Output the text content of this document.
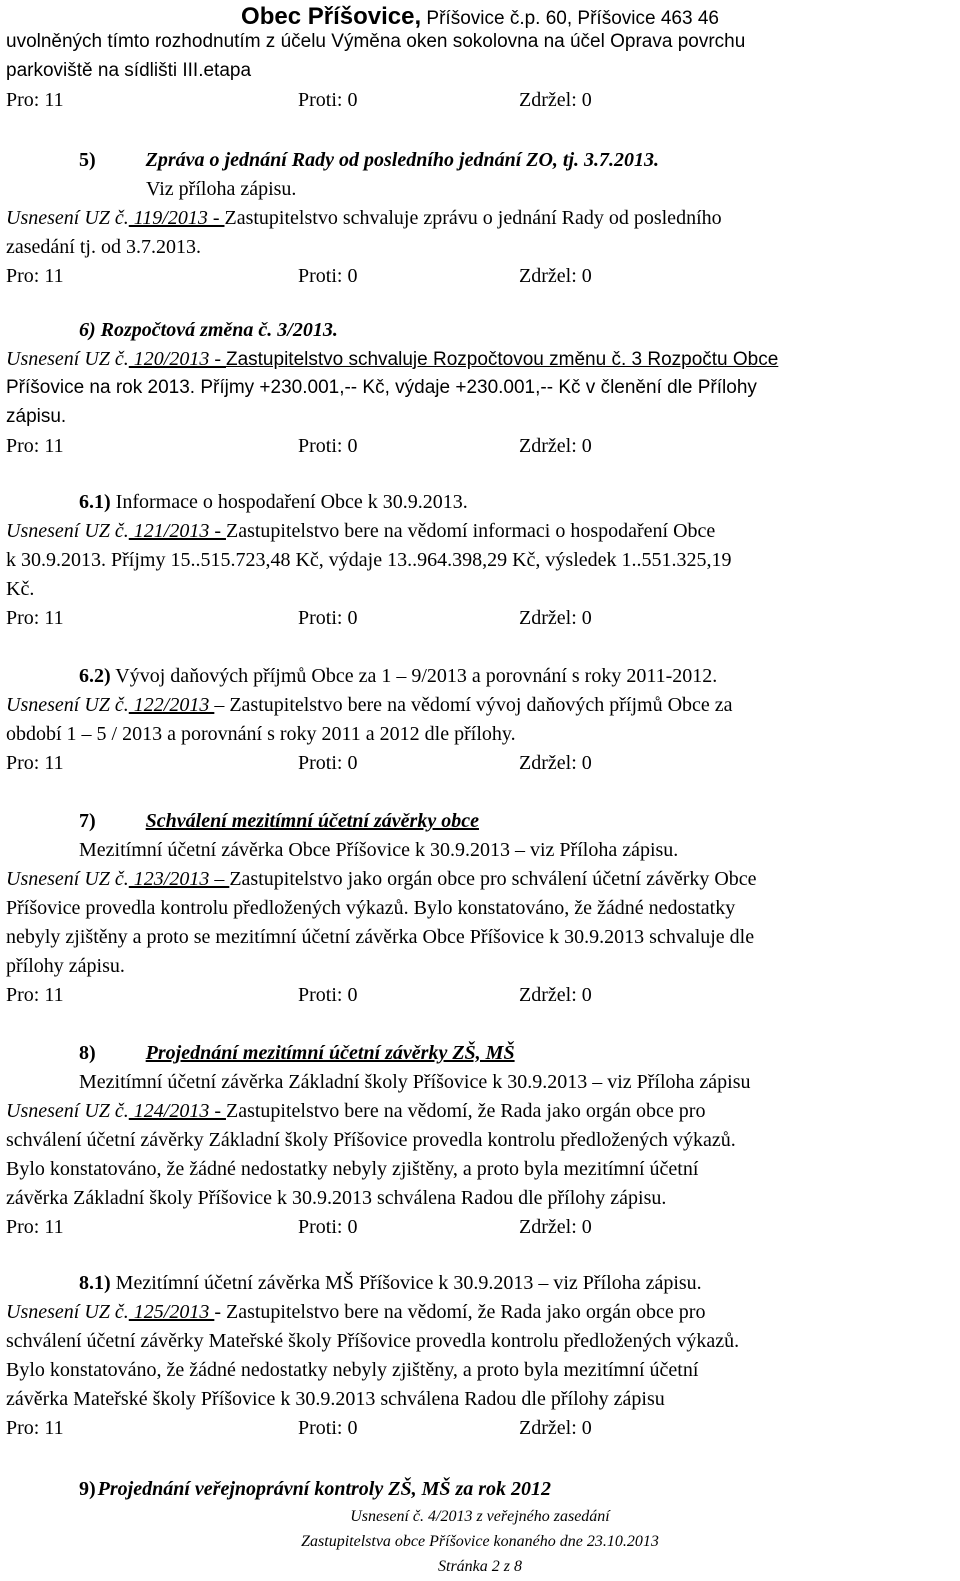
Obec Příšovice, Příšovice č.p. 60, Příšovice 463 46
uvolněných tímto rozhodnutím z účelu Výměna oken sokolovna na účel Oprava povrchu
parkoviště na sídlišti III.etapa
Pro: 11	Proti: 0	Zdržel: 0
5)	Zpráva o jednání Rady od posledního jednání ZO, tj. 3.7.2013.
Viz příloha zápisu.
Usnesení UZ č. 119/2013 - Zastupitelstvo schvaluje zprávu o jednání Rady od posledního
zasedání tj. od 3.7.2013.
Pro: 11	Proti: 0	Zdržel: 0
6) Rozpočtová změna č. 3/2013.
Usnesení UZ č. 120/2013 - Zastupitelstvo schvaluje Rozpočtovou změnu č. 3 Rozpočtu Obce
Příšovice na rok 2013. Příjmy +230.001,-- Kč, výdaje +230.001,-- Kč v členění dle Přílohy
zápisu.
Pro: 11	Proti: 0	Zdržel: 0
6.1) Informace o hospodaření Obce k 30.9.2013.
Usnesení UZ č. 121/2013 - Zastupitelstvo bere na vědomí informaci o hospodaření Obce
k 30.9.2013. Příjmy 15..515.723,48 Kč, výdaje 13..964.398,29 Kč, výsledek 1..551.325,19
Kč.
Pro: 11	Proti: 0	Zdržel: 0
6.2) Vývoj daňových příjmů Obce za 1 – 9/2013 a porovnání s roky 2011-2012.
Usnesení UZ č. 122/2013 – Zastupitelstvo bere na vědomí vývoj daňových příjmů Obce za
období 1 – 5 / 2013 a porovnání s roky 2011 a 2012 dle přílohy.
Pro: 11	Proti: 0	Zdržel: 0
7)	Schválení mezitímní účetní závěrky obce
Mezitímní účetní závěrka Obce Příšovice k 30.9.2013 – viz Příloha zápisu.
Usnesení UZ č. 123/2013 – Zastupitelstvo jako orgán obce pro schválení účetní závěrky Obce
Příšovice provedla kontrolu předložených výkazů. Bylo konstatováno, že žádné nedostatky
nebyly zjištěny a proto se mezitímní účetní závěrka Obce Příšovice k 30.9.2013 schvaluje dle
přílohy zápisu.
Pro: 11	Proti: 0	Zdržel: 0
8)	Projednání mezitímní účetní závěrky ZŠ, MŠ
Mezitímní účetní závěrka Základní školy Příšovice k 30.9.2013 – viz Příloha zápisu
Usnesení UZ č. 124/2013 - Zastupitelstvo bere na vědomí, že Rada jako orgán obce pro
schválení účetní závěrky Základní školy Příšovice provedla kontrolu předložených výkazů.
Bylo konstatováno, že žádné nedostatky nebyly zjištěny, a proto byla mezitímní účetní
závěrka Základní školy Příšovice k 30.9.2013 schválena Radou dle přílohy zápisu.
Pro: 11	Proti: 0	Zdržel: 0
8.1) Mezitímní účetní závěrka MŠ Příšovice k 30.9.2013 – viz Příloha zápisu.
Usnesení UZ č. 125/2013 - Zastupitelstvo bere na vědomí, že Rada jako orgán obce pro
schválení účetní závěrky Mateřské školy Příšovice provedla kontrolu předložených výkazů.
Bylo konstatováno, že žádné nedostatky nebyly zjištěny, a proto byla mezitímní účetní
závěrka Mateřské školy Příšovice k 30.9.2013 schválena Radou dle přílohy zápisu
Pro: 11	Proti: 0	Zdržel: 0
9) Projednání veřejnoprávní kontroly ZŠ, MŠ za rok 2012
Usnesení č. 4/2013 z veřejného zasedání
Zastupitelstva obce Příšovice konaného dne 23.10.2013
Stránka 2 z 8
